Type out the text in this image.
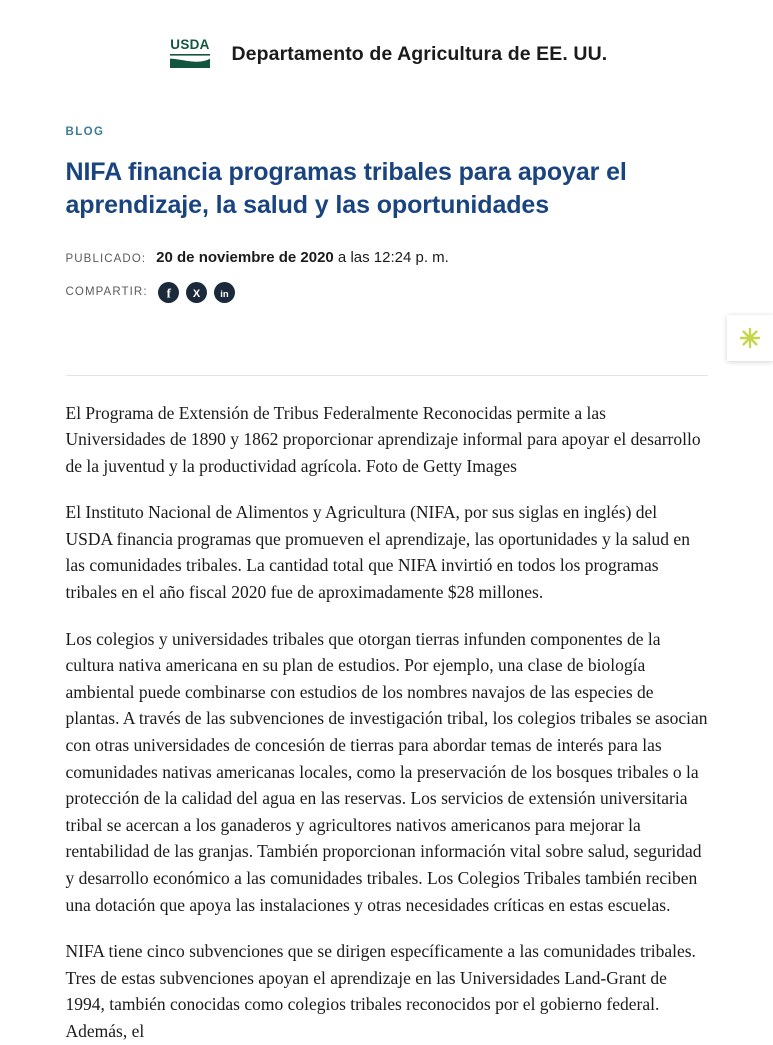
USDA Departamento de Agricultura de EE. UU.
BLOG
NIFA financia programas tribales para apoyar el aprendizaje, la salud y las oportunidades
PUBLICADO: 20 de noviembre de 2020 a las 12:24 p. m.
COMPARTIR: f X in

El Programa de Extensión de Tribus Federalmente Reconocidas permite a las Universidades de 1890 y 1862 proporcionar aprendizaje informal para apoyar el desarrollo de la juventud y la productividad agrícola. Foto de Getty Images

El Instituto Nacional de Alimentos y Agricultura (NIFA, por sus siglas en inglés) del USDA financia programas que promueven el aprendizaje, las oportunidades y la salud en las comunidades tribales. La cantidad total que NIFA invirtió en todos los programas tribales en el año fiscal 2020 fue de aproximadamente $28 millones.

Los colegios y universidades tribales que otorgan tierras infunden componentes de la cultura nativa americana en su plan de estudios. Por ejemplo, una clase de biología ambiental puede combinarse con estudios de los nombres navajos de las especies de plantas. A través de las subvenciones de investigación tribal, los colegios tribales se asocian con otras universidades de concesión de tierras para abordar temas de interés para las comunidades nativas americanas locales, como la preservación de los bosques tribales o la protección de la calidad del agua en las reservas. Los servicios de extensión universitaria tribal se acercan a los ganaderos y agricultores nativos americanos para mejorar la rentabilidad de las granjas. También proporcionan información vital sobre salud, seguridad y desarrollo económico a las comunidades tribales. Los Colegios Tribales también reciben una dotación que apoya las instalaciones y otras necesidades críticas en estas escuelas.

NIFA tiene cinco subvenciones que se dirigen específicamente a las comunidades tribales. Tres de estas subvenciones apoyan el aprendizaje en las Universidades Land-Grant de 1994, también conocidas como colegios tribales reconocidos por el gobierno federal. Además, el
